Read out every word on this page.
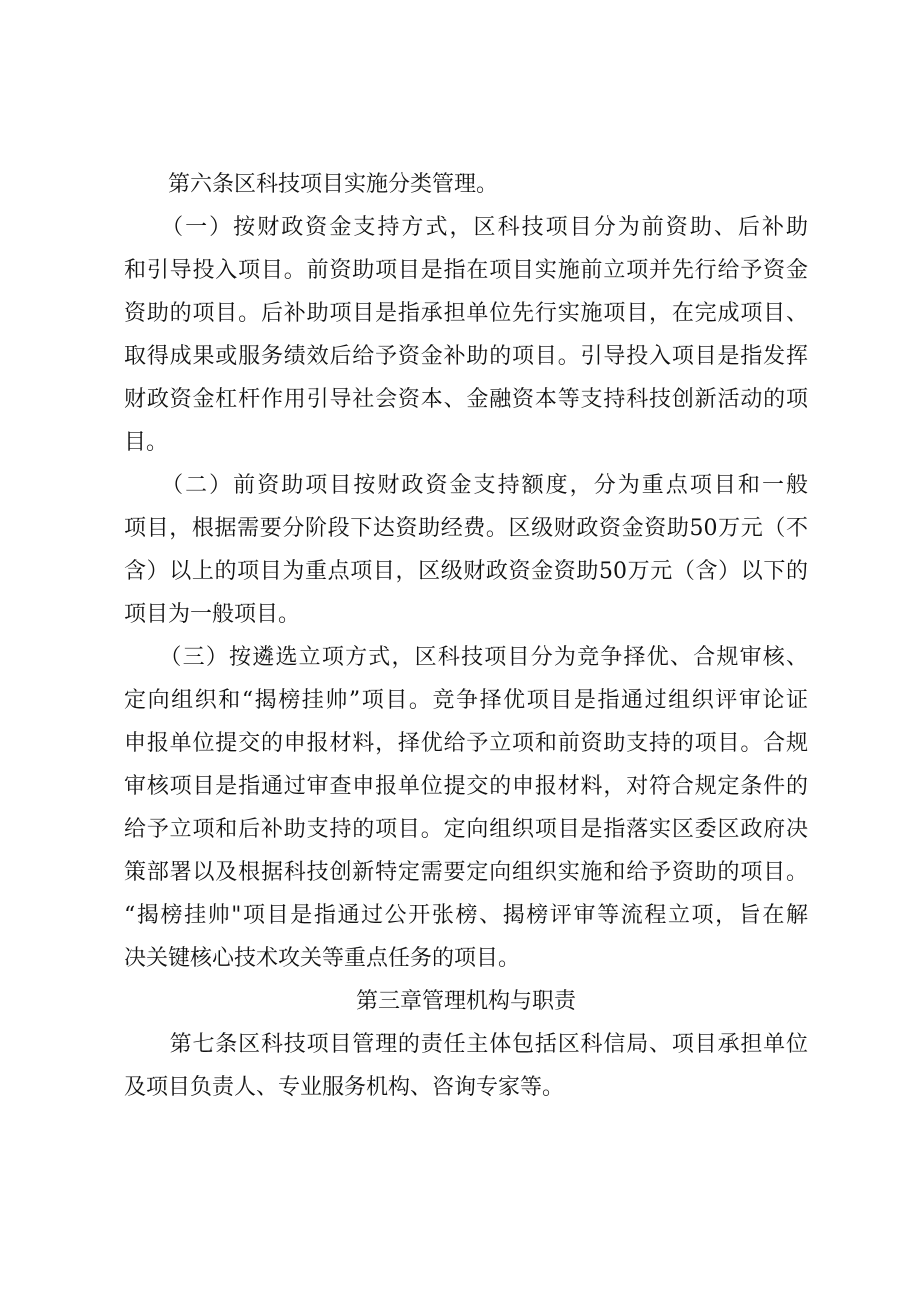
　　第六条区科技项目实施分类管理。
　　（一）按财政资金支持方式，区科技项目分为前资助、后补助
和引导投入项目。前资助项目是指在项目实施前立项并先行给予资金
资助的项目。后补助项目是指承担单位先行实施项目，在完成项目、
取得成果或服务绩效后给予资金补助的项目。引导投入项目是指发挥
财政资金杠杆作用引导社会资本、金融资本等支持科技创新活动的项
目。
　　（二）前资助项目按财政资金支持额度，分为重点项目和一般
项目，根据需要分阶段下达资助经费。区级财政资金资助50万元（不
含）以上的项目为重点项目，区级财政资金资助50万元（含）以下的
项目为一般项目。
　　（三）按遴选立项方式，区科技项目分为竞争择优、合规审核、
定向组织和“揭榜挂帅”项目。竞争择优项目是指通过组织评审论证
申报单位提交的申报材料，择优给予立项和前资助支持的项目。合规
审核项目是指通过审查申报单位提交的申报材料，对符合规定条件的
给予立项和后补助支持的项目。定向组织项目是指落实区委区政府决
策部署以及根据科技创新特定需要定向组织实施和给予资助的项目。
“揭榜挂帅"项目是指通过公开张榜、揭榜评审等流程立项，旨在解
决关键核心技术攻关等重点任务的项目。
第三章管理机构与职责
　　第七条区科技项目管理的责任主体包括区科信局、项目承担单位
及项目负责人、专业服务机构、咨询专家等。
